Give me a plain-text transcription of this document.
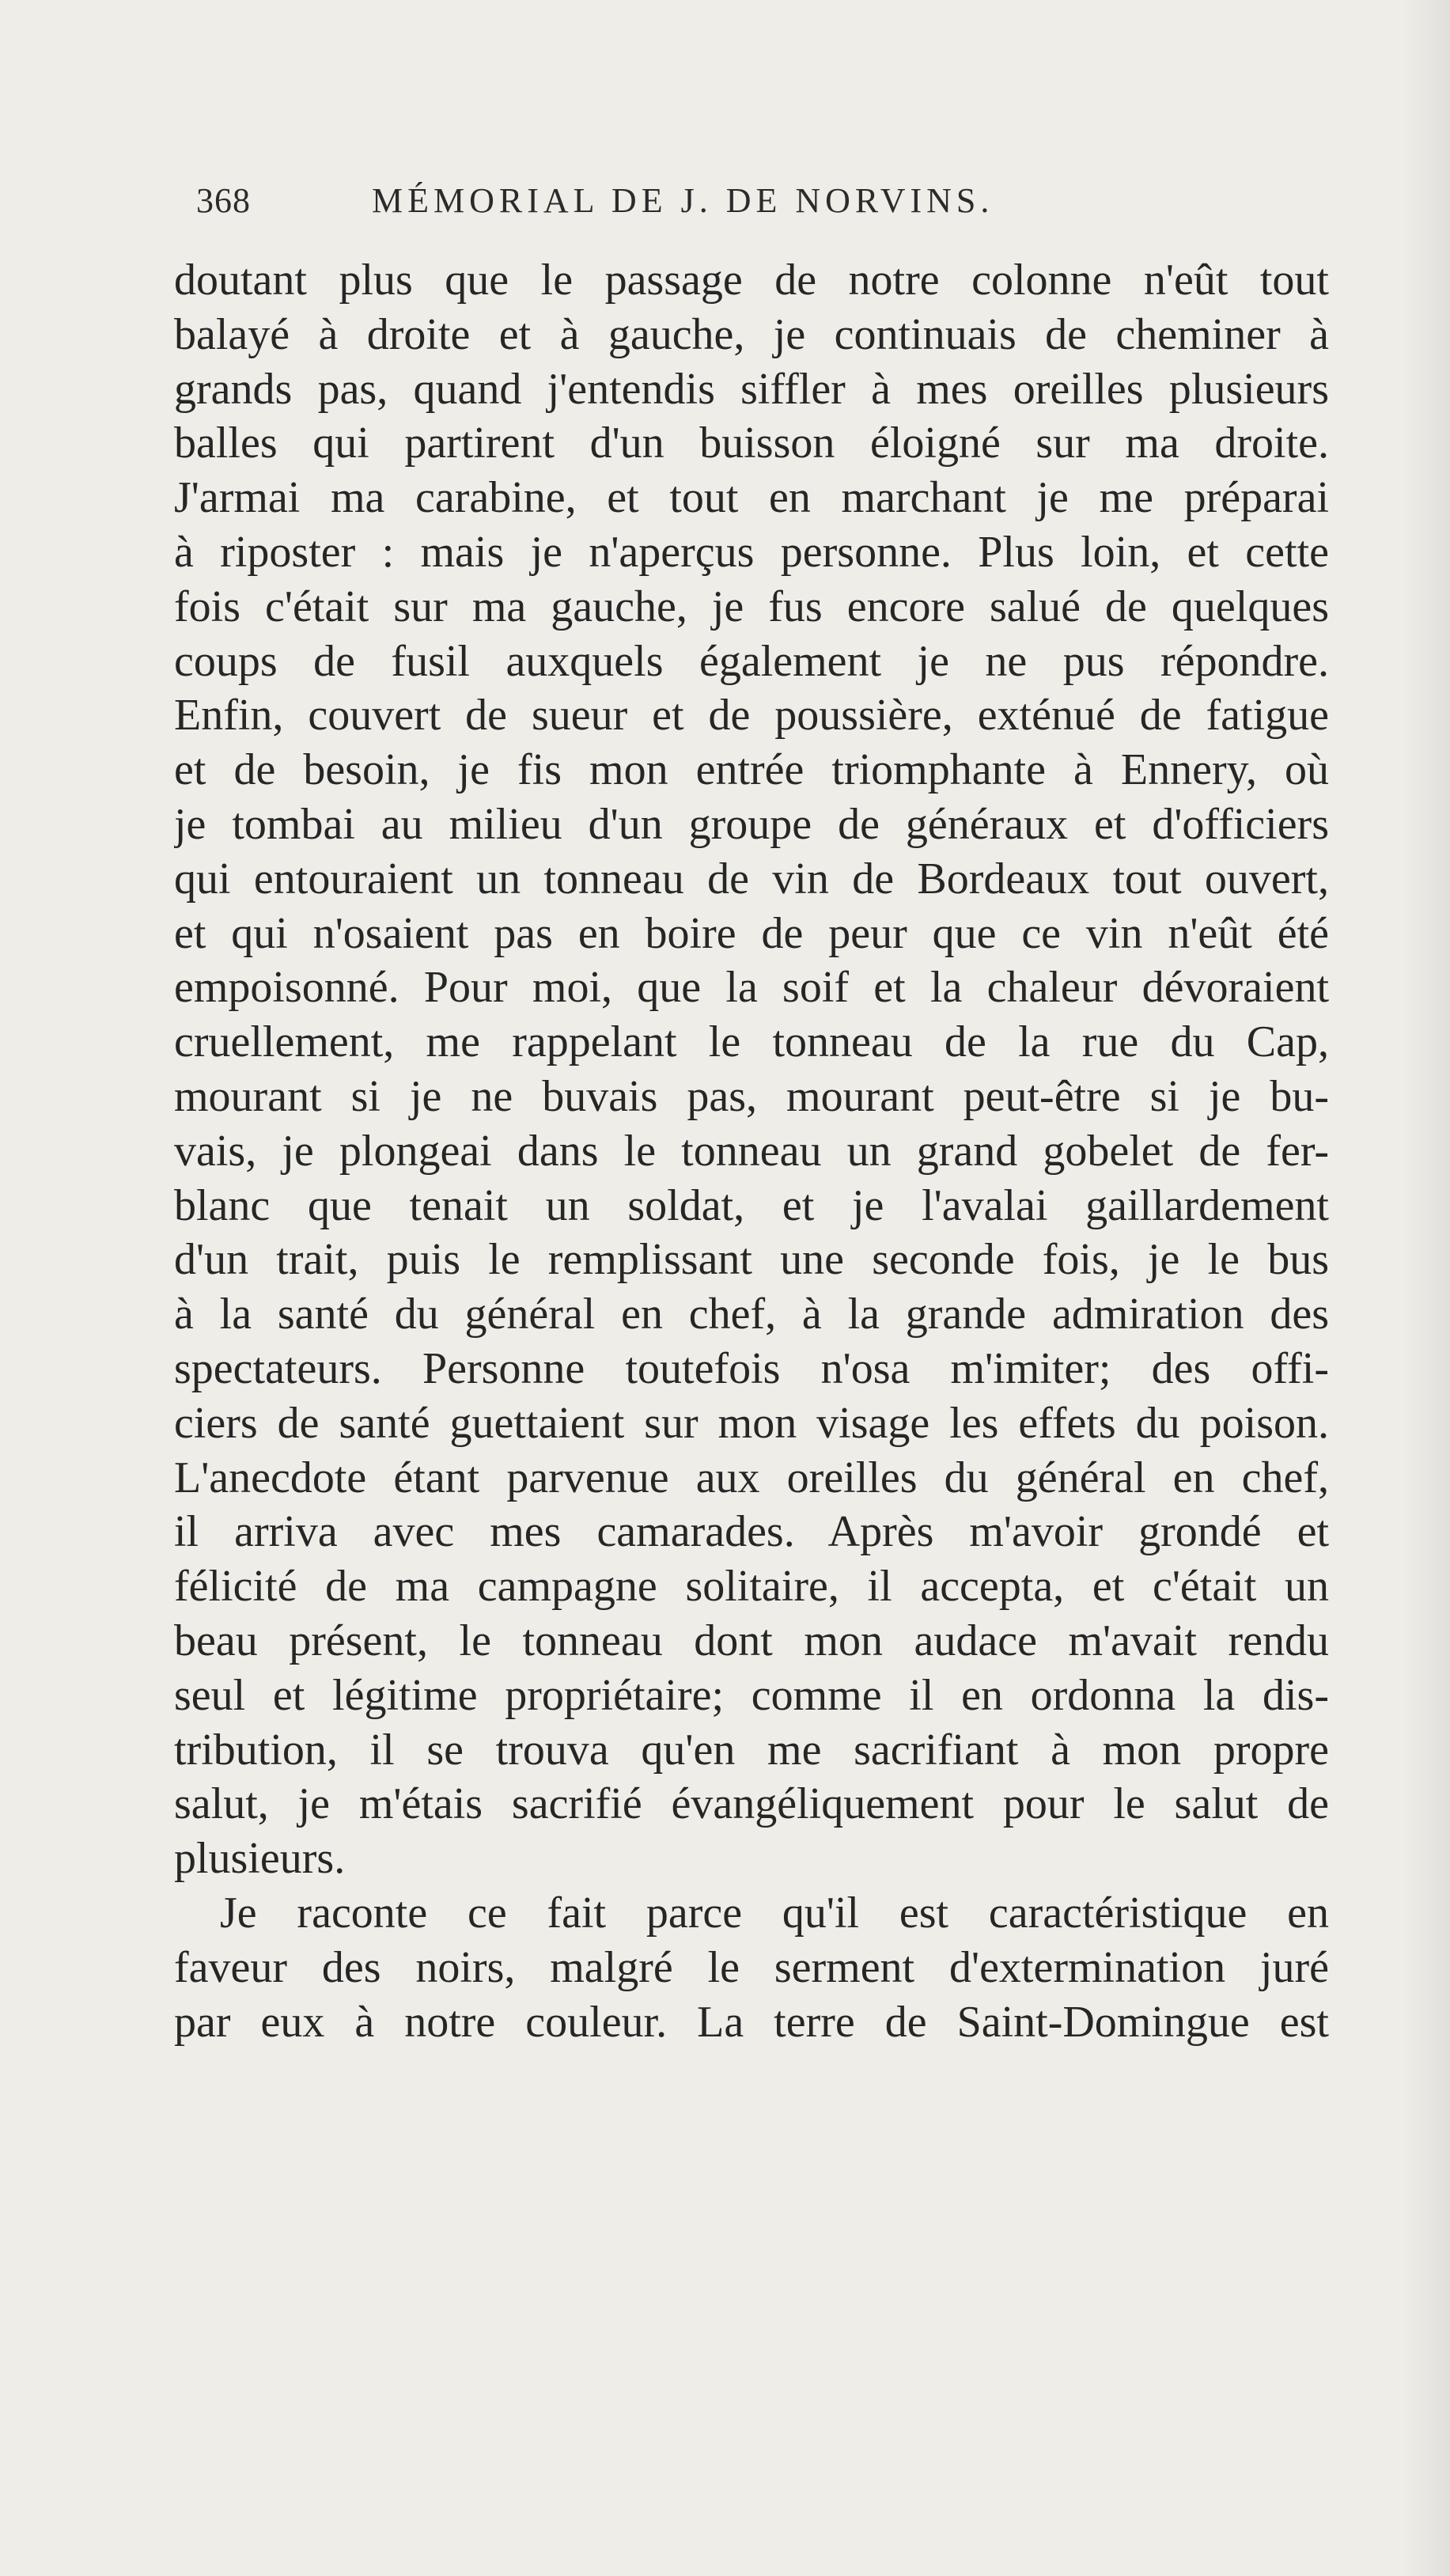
368	MÉMORIAL DE J. DE NORVINS.
doutant plus que le passage de notre colonne n'eût tout
balayé à droite et à gauche, je continuais de cheminer à
grands pas, quand j'entendis siffler à mes oreilles plusieurs
balles qui partirent d'un buisson éloigné sur ma droite.
J'armai ma carabine, et tout en marchant je me préparai
à riposter : mais je n'aperçus personne. Plus loin, et cette
fois c'était sur ma gauche, je fus encore salué de quelques
coups de fusil auxquels également je ne pus répondre.
Enfin, couvert de sueur et de poussière, exténué de fatigue
et de besoin, je fis mon entrée triomphante à Ennery, où
je tombai au milieu d'un groupe de généraux et d'officiers
qui entouraient un tonneau de vin de Bordeaux tout ouvert,
et qui n'osaient pas en boire de peur que ce vin n'eût été
empoisonné. Pour moi, que la soif et la chaleur dévoraient
cruellement, me rappelant le tonneau de la rue du Cap,
mourant si je ne buvais pas, mourant peut-être si je bu-
vais, je plongeai dans le tonneau un grand gobelet de fer-
blanc que tenait un soldat, et je l'avalai gaillardement
d'un trait, puis le remplissant une seconde fois, je le bus
à la santé du général en chef, à la grande admiration des
spectateurs. Personne toutefois n'osa m'imiter; des offi-
ciers de santé guettaient sur mon visage les effets du poison.
L'anecdote étant parvenue aux oreilles du général en chef,
il arriva avec mes camarades. Après m'avoir grondé et
félicité de ma campagne solitaire, il accepta, et c'était un
beau présent, le tonneau dont mon audace m'avait rendu
seul et légitime propriétaire; comme il en ordonna la dis-
tribution, il se trouva qu'en me sacrifiant à mon propre
salut, je m'étais sacrifié évangéliquement pour le salut de
plusieurs.
Je raconte ce fait parce qu'il est caractéristique en
faveur des noirs, malgré le serment d'extermination juré
par eux à notre couleur. La terre de Saint-Domingue est
